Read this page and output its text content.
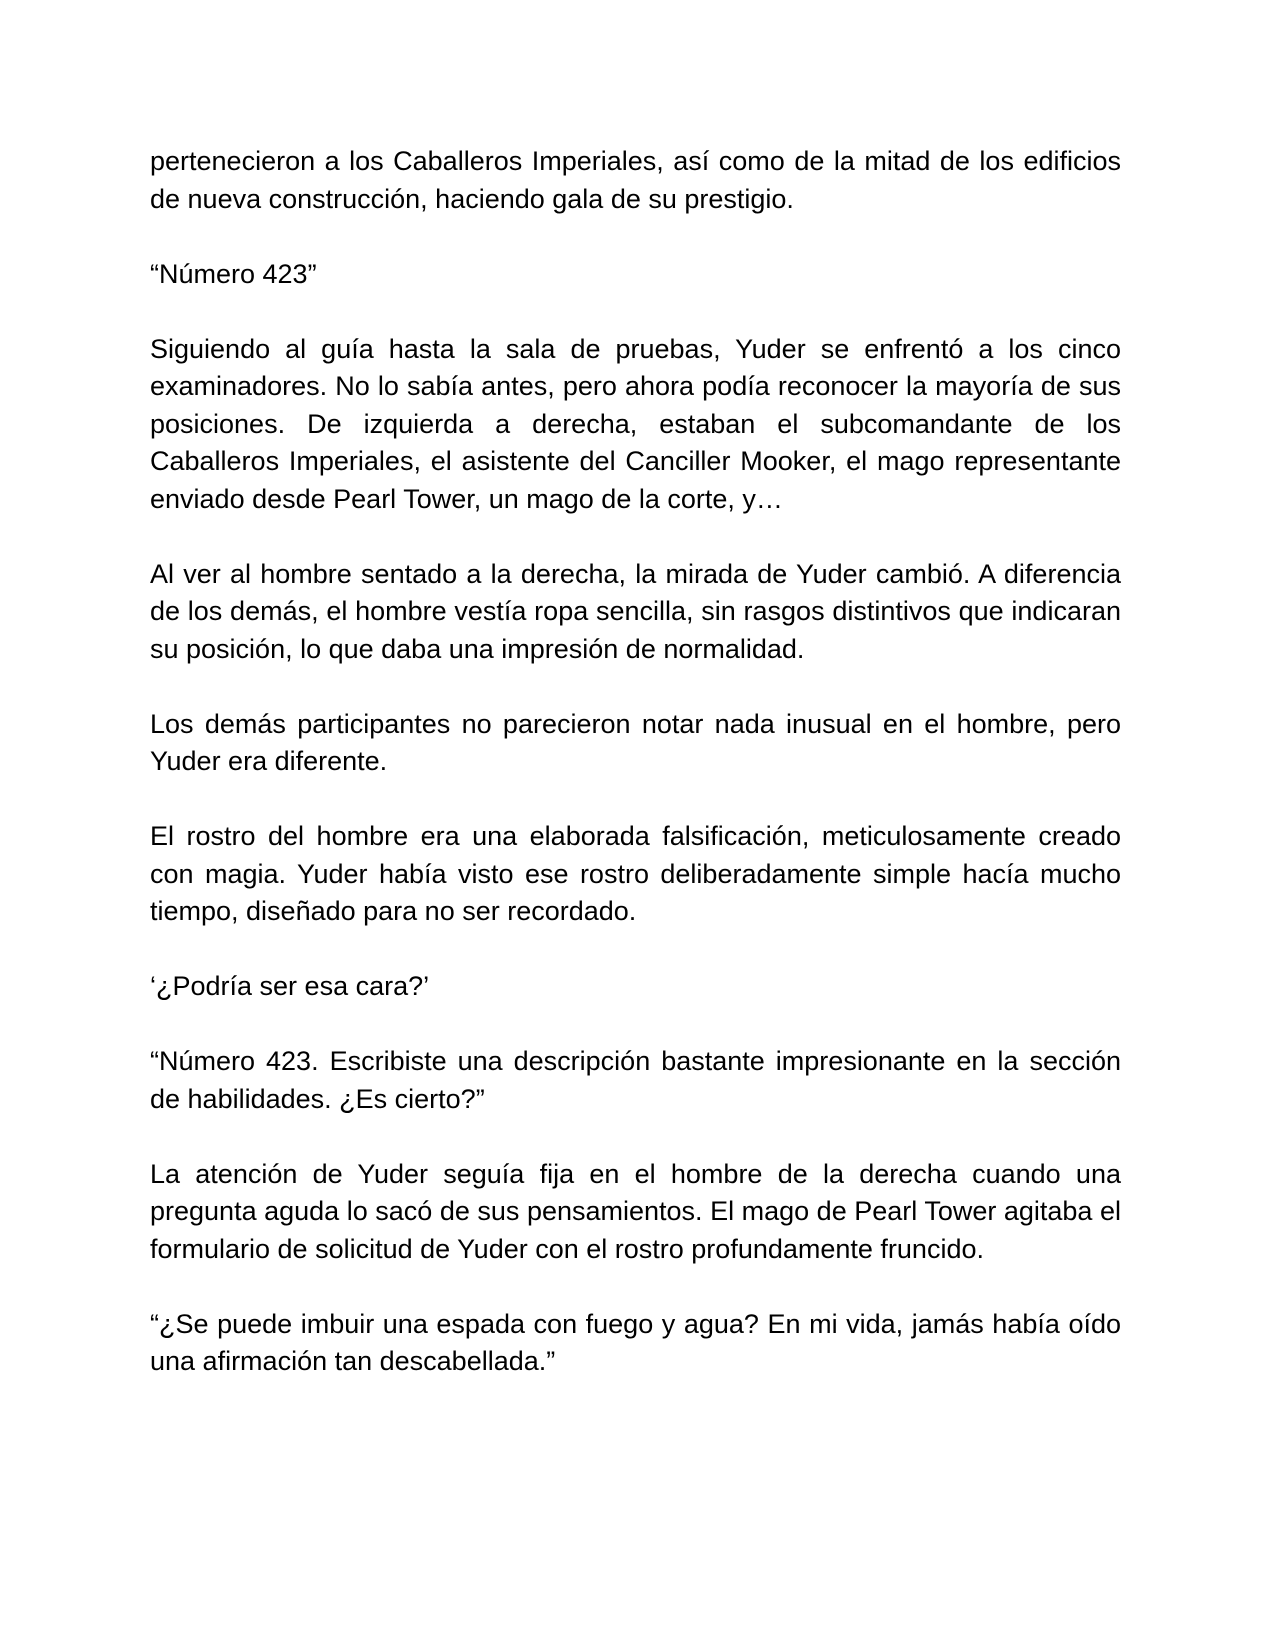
pertenecieron a los Caballeros Imperiales, así como de la mitad de los edificios de nueva construcción, haciendo gala de su prestigio.

“Número 423”

Siguiendo al guía hasta la sala de pruebas, Yuder se enfrentó a los cinco examinadores. No lo sabía antes, pero ahora podía reconocer la mayoría de sus posiciones. De izquierda a derecha, estaban el subcomandante de los Caballeros Imperiales, el asistente del Canciller Mooker, el mago representante enviado desde Pearl Tower, un mago de la corte, y…

Al ver al hombre sentado a la derecha, la mirada de Yuder cambió. A diferencia de los demás, el hombre vestía ropa sencilla, sin rasgos distintivos que indicaran su posición, lo que daba una impresión de normalidad.

Los demás participantes no parecieron notar nada inusual en el hombre, pero Yuder era diferente.

El rostro del hombre era una elaborada falsificación, meticulosamente creado con magia. Yuder había visto ese rostro deliberadamente simple hacía mucho tiempo, diseñado para no ser recordado.

‘¿Podría ser esa cara?’

“Número 423. Escribiste una descripción bastante impresionante en la sección de habilidades. ¿Es cierto?”

La atención de Yuder seguía fija en el hombre de la derecha cuando una pregunta aguda lo sacó de sus pensamientos. El mago de Pearl Tower agitaba el formulario de solicitud de Yuder con el rostro profundamente fruncido.

“¿Se puede imbuir una espada con fuego y agua? En mi vida, jamás había oído una afirmación tan descabellada.”
